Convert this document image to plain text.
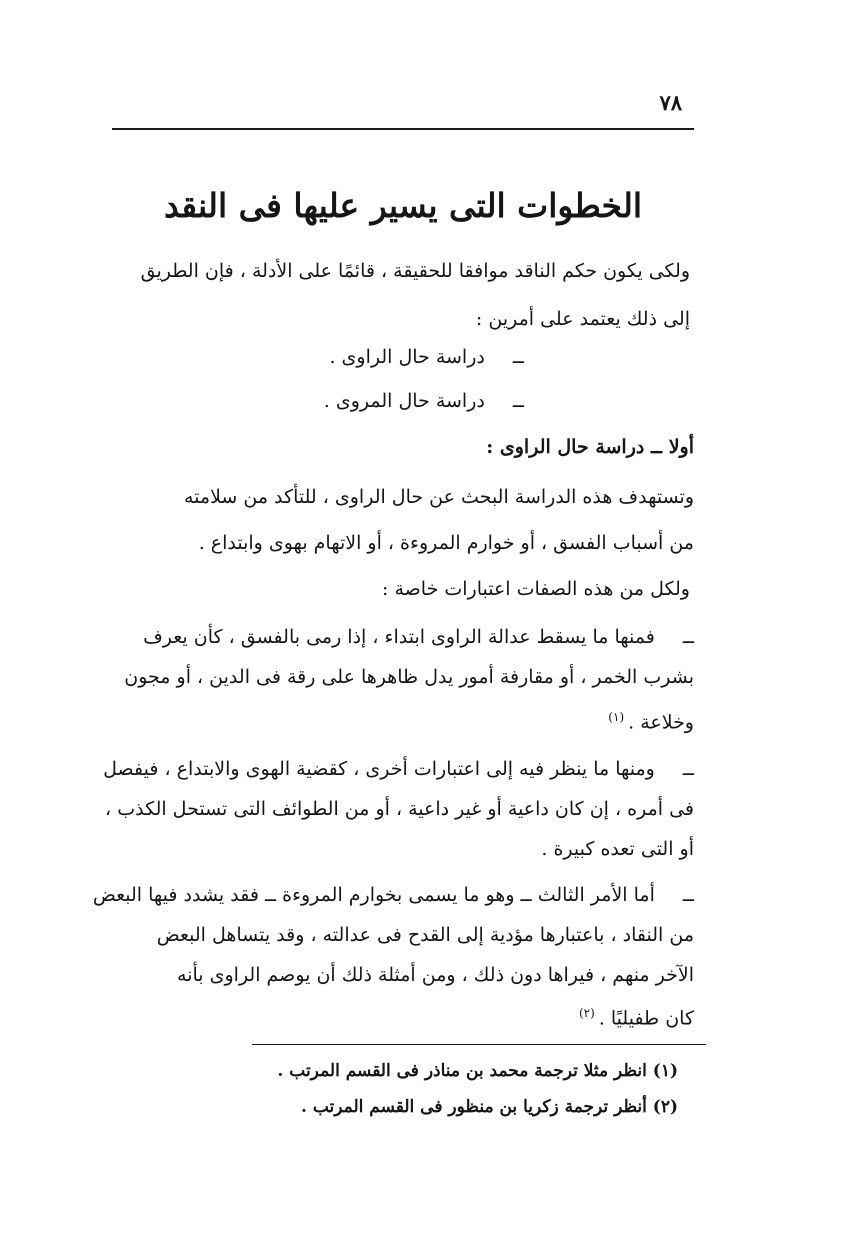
٧٨
الخطوات التى يسير عليها فى النقد

ولكى يكون حكم الناقد موافقا للحقيقة ، قائمًا على الأدلة ، فإن الطريق

إلى ذلك يعتمد على أمرين :

ــدراسة حال الراوى .

ــدراسة حال المروى .

أولا ــ دراسة حال الراوى :

وتستهدف هذه الدراسة البحث عن حال الراوى ، للتأكد من سلامته

من أسباب الفسق ، أو خوارم المروءة ، أو الاتهام بهوى وابتداع .

ولكل من هذه الصفات اعتبارات خاصة :

ــفمنها ما يسقط عدالة الراوى ابتداء ، إذا رمى بالفسق ، كأن يعرف

بشرب الخمر ، أو مقارفة أمور يدل ظاهرها على رقة فى الدين ، أو مجون

وخلاعة .$^{(١)}$

ــومنها ما ينظر فيه إلى اعتبارات أخرى ، كقضية الهوى والابتداع ، فيفصل

فى أمره ، إن كان داعية أو غير داعية ، أو من الطوائف التى تستحل الكذب ،

أو التى تعده كبيرة .

ــأما الأمر الثالث ــ وهو ما يسمى بخوارم المروءة ــ فقد يشدد فيها البعض

من النقاد ، باعتبارها مؤدية إلى القدح فى عدالته ، وقد يتساهل البعض

الآخر منهم ، فيراها دون ذلك ، ومن أمثلة ذلك أن يوصم الراوى بأنه

كان طفيليًا .$^{(٢)}$

(١) انظر مثلا ترجمة محمد بن مناذر فى القسم المرتب .

(٢) أنظر ترجمة زكريا بن منظور فى القسم المرتب .
